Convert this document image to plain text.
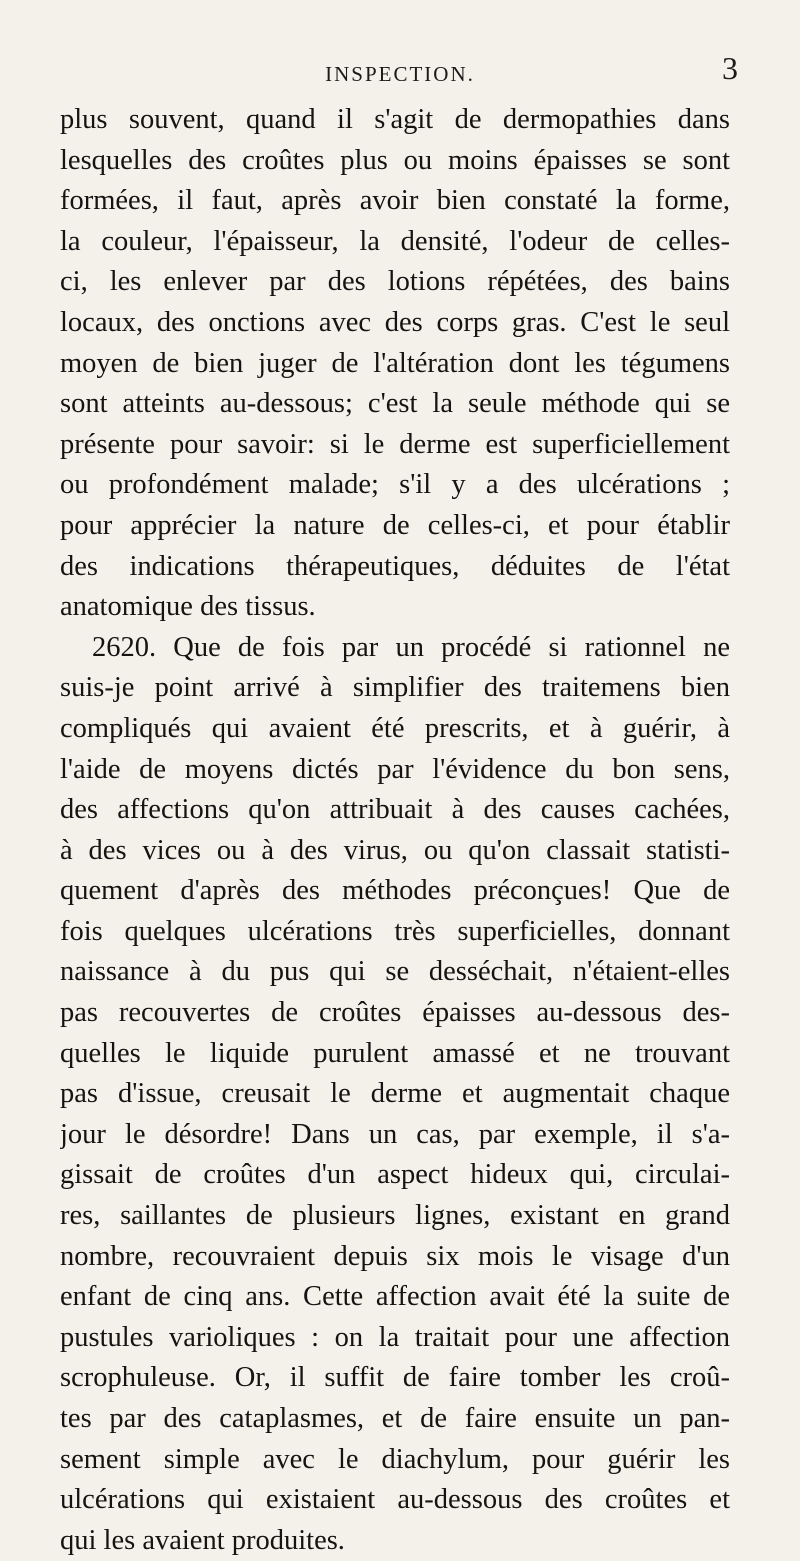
INSPECTION.	3
plus souvent, quand il s'agit de dermopathies dans
lesquelles des croûtes plus ou moins épaisses se sont
formées, il faut, après avoir bien constaté la forme,
la couleur, l'épaisseur, la densité, l'odeur de celles-
ci, les enlever par des lotions répétées, des bains
locaux, des onctions avec des corps gras. C'est le seul
moyen de bien juger de l'altération dont les tégumens
sont atteints au-dessous; c'est la seule méthode qui se
présente pour savoir: si le derme est superficiellement
ou profondément malade; s'il y a des ulcérations ;
pour apprécier la nature de celles-ci, et pour établir
des indications thérapeutiques, déduites de l'état
anatomique des tissus.
2620. Que de fois par un procédé si rationnel ne
suis-je point arrivé à simplifier des traitemens bien
compliqués qui avaient été prescrits, et à guérir, à
l'aide de moyens dictés par l'évidence du bon sens,
des affections qu'on attribuait à des causes cachées,
à des vices ou à des virus, ou qu'on classait statisti-
quement d'après des méthodes préconçues! Que de
fois quelques ulcérations très superficielles, donnant
naissance à du pus qui se desséchait, n'étaient-elles
pas recouvertes de croûtes épaisses au-dessous des-
quelles le liquide purulent amassé et ne trouvant
pas d'issue, creusait le derme et augmentait chaque
jour le désordre! Dans un cas, par exemple, il s'a-
gissait de croûtes d'un aspect hideux qui, circulai-
res, saillantes de plusieurs lignes, existant en grand
nombre, recouvraient depuis six mois le visage d'un
enfant de cinq ans. Cette affection avait été la suite de
pustules varioliques : on la traitait pour une affection
scrophuleuse. Or, il suffit de faire tomber les croû-
tes par des cataplasmes, et de faire ensuite un pan-
sement simple avec le diachylum, pour guérir les
ulcérations qui existaient au-dessous des croûtes et
qui les avaient produites.
